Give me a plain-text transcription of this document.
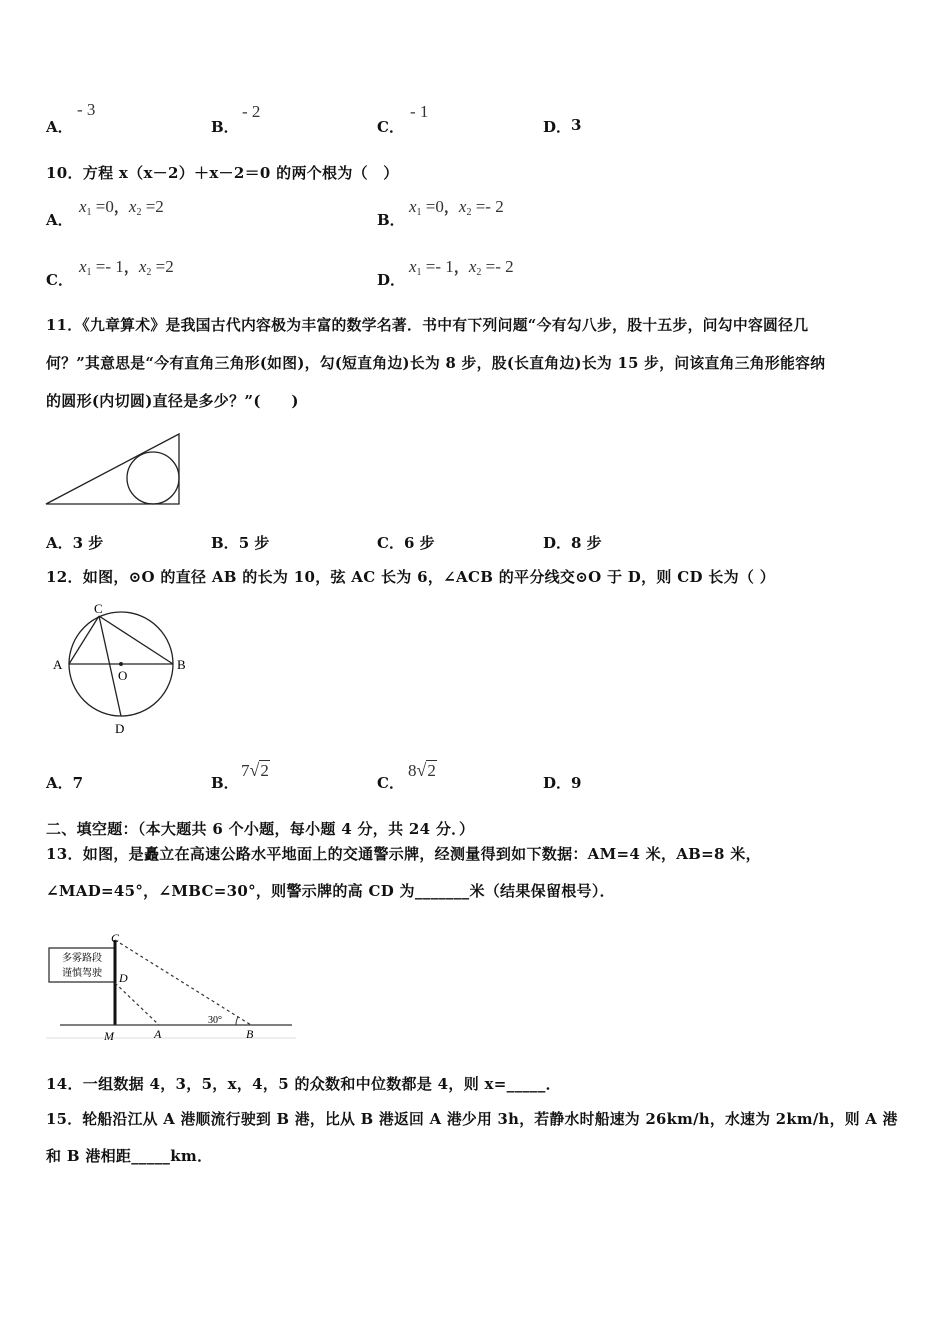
A．
- 3
B．
- 2
C．
- 1
D． 3
10．方程 x（x－2）＋x－2＝0 的两个根为（　）
A．
$x_1 =0$，$x_2 =2$
B．
$x_1 =0$，$x_2 =- 2$
C．
$x_1 =- 1$，$x_2 =2$
D．
$x_1 =- 1$，$x_2 =- 2$
11．《九章算术》是我国古代内容极为丰富的数学名著．书中有下列问题“今有勾八步，股十五步，问勾中容圆径几
何？”其意思是“今有直角三角形(如图)，勾(短直角边)长为 8 步，股(长直角边)长为 15 步，问该直角三角形能容纳
的圆形(内切圆)直径是多少？”(　　)
A．3 步	B．5 步	C．6 步	D．8 步
12．如图，⊙O 的直径 AB 的长为 10，弦 AC 长为 6，∠ACB 的平分线交⊙O 于 D，则 CD 长为（ ）
C
A	B
O
D
A．7	B．
7√2
C．
8√2
D．9
二、填空题：（本大题共 6 个小题，每小题 4 分，共 24 分．）
13．如图，是矗立在高速公路水平地面上的交通警示牌，经测量得到如下数据：AM=4 米，AB=8 米，
∠MAD=45°，∠MBC=30°，则警示牌的高 CD 为_______米（结果保留根号）．
多雾路段
谨慎驾驶
C
D
M	A	B
30°
14．一组数据 4，3，5，x，4，5 的众数和中位数都是 4，则 x=_____．
15．轮船沿江从 A 港顺流行驶到 B 港，比从 B 港返回 A 港少用 3h，若静水时船速为 26km/h，水速为 2km/h，则 A 港
和 B 港相距_____km．
